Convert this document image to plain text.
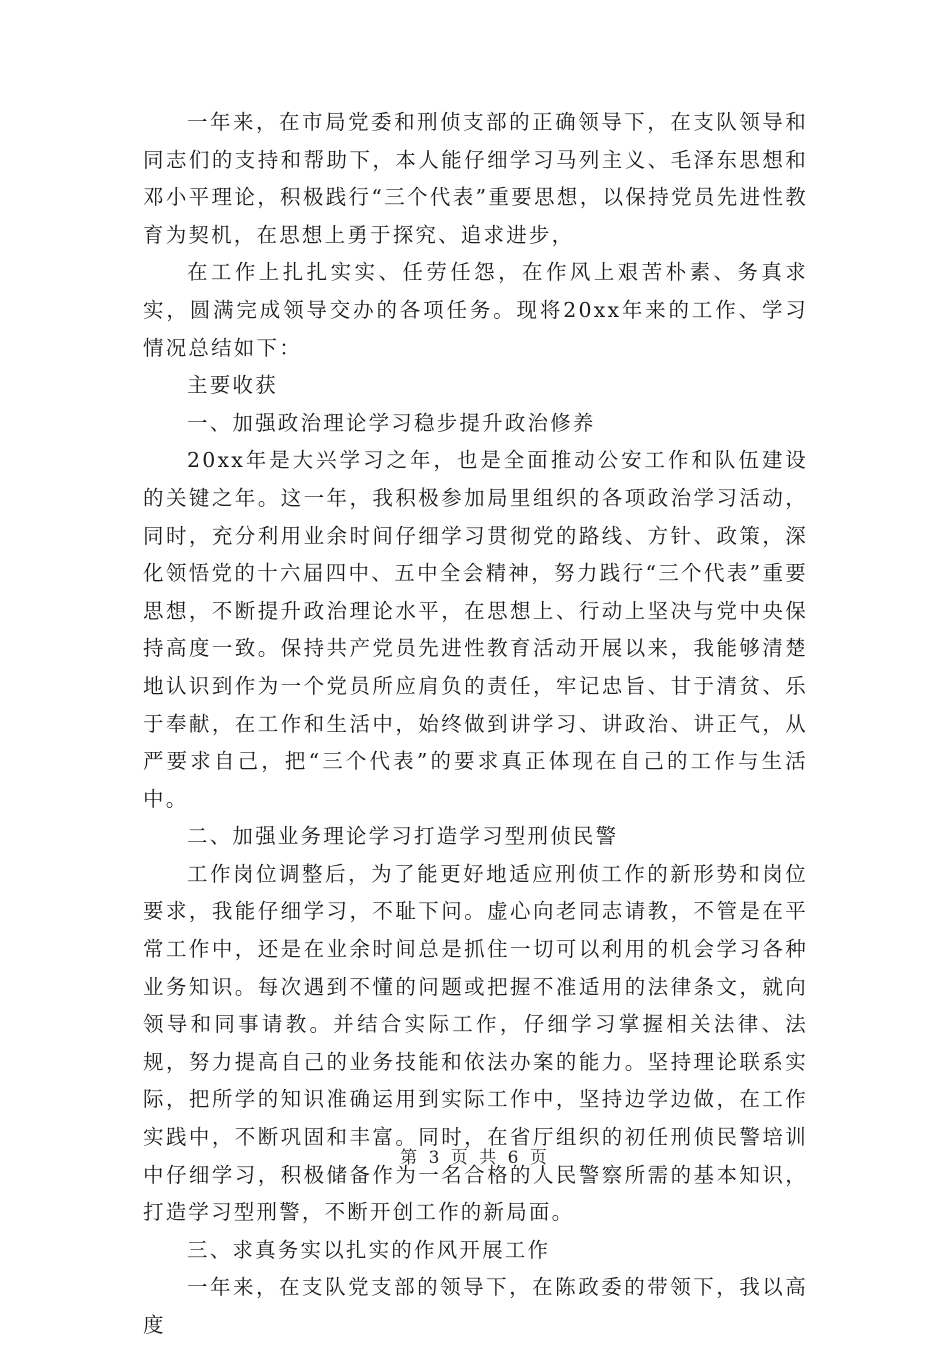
一年来，在市局党委和刑侦支部的正确领导下，在支队领导和同志们的支持和帮助下，本人能仔细学习马列主义、毛泽东思想和邓小平理论，积极践行“三个代表”重要思想，以保持党员先进性教育为契机，在思想上勇于探究、追求进步，

在工作上扎扎实实、任劳任怨，在作风上艰苦朴素、务真求实，圆满完成领导交办的各项任务。现将20xx年来的工作、学习情况总结如下：

主要收获

一、加强政治理论学习稳步提升政治修养

20xx年是大兴学习之年，也是全面推动公安工作和队伍建设的关键之年。这一年，我积极参加局里组织的各项政治学习活动，同时，充分利用业余时间仔细学习贯彻党的路线、方针、政策，深化领悟党的十六届四中、五中全会精神，努力践行“三个代表”重要思想，不断提升政治理论水平，在思想上、行动上坚决与党中央保持高度一致。保持共产党员先进性教育活动开展以来，我能够清楚地认识到作为一个党员所应肩负的责任，牢记忠旨、甘于清贫、乐于奉献，在工作和生活中，始终做到讲学习、讲政治、讲正气，从严要求自己，把“三个代表”的要求真正体现在自己的工作与生活中。

二、加强业务理论学习打造学习型刑侦民警

工作岗位调整后，为了能更好地适应刑侦工作的新形势和岗位要求，我能仔细学习，不耻下问。虚心向老同志请教，不管是在平常工作中，还是在业余时间总是抓住一切可以利用的机会学习各种业务知识。每次遇到不懂的问题或把握不准适用的法律条文，就向领导和同事请教。并结合实际工作，仔细学习掌握相关法律、法规，努力提高自己的业务技能和依法办案的能力。坚持理论联系实际，把所学的知识准确运用到实际工作中，坚持边学边做，在工作实践中，不断巩固和丰富。同时，在省厅组织的初任刑侦民警培训中仔细学习，积极储备作为一名合格的人民警察所需的基本知识，打造学习型刑警，不断开创工作的新局面。

三、求真务实以扎实的作风开展工作

一年来，在支队党支部的领导下，在陈政委的带领下，我以高度

第 3 页 共 6 页
